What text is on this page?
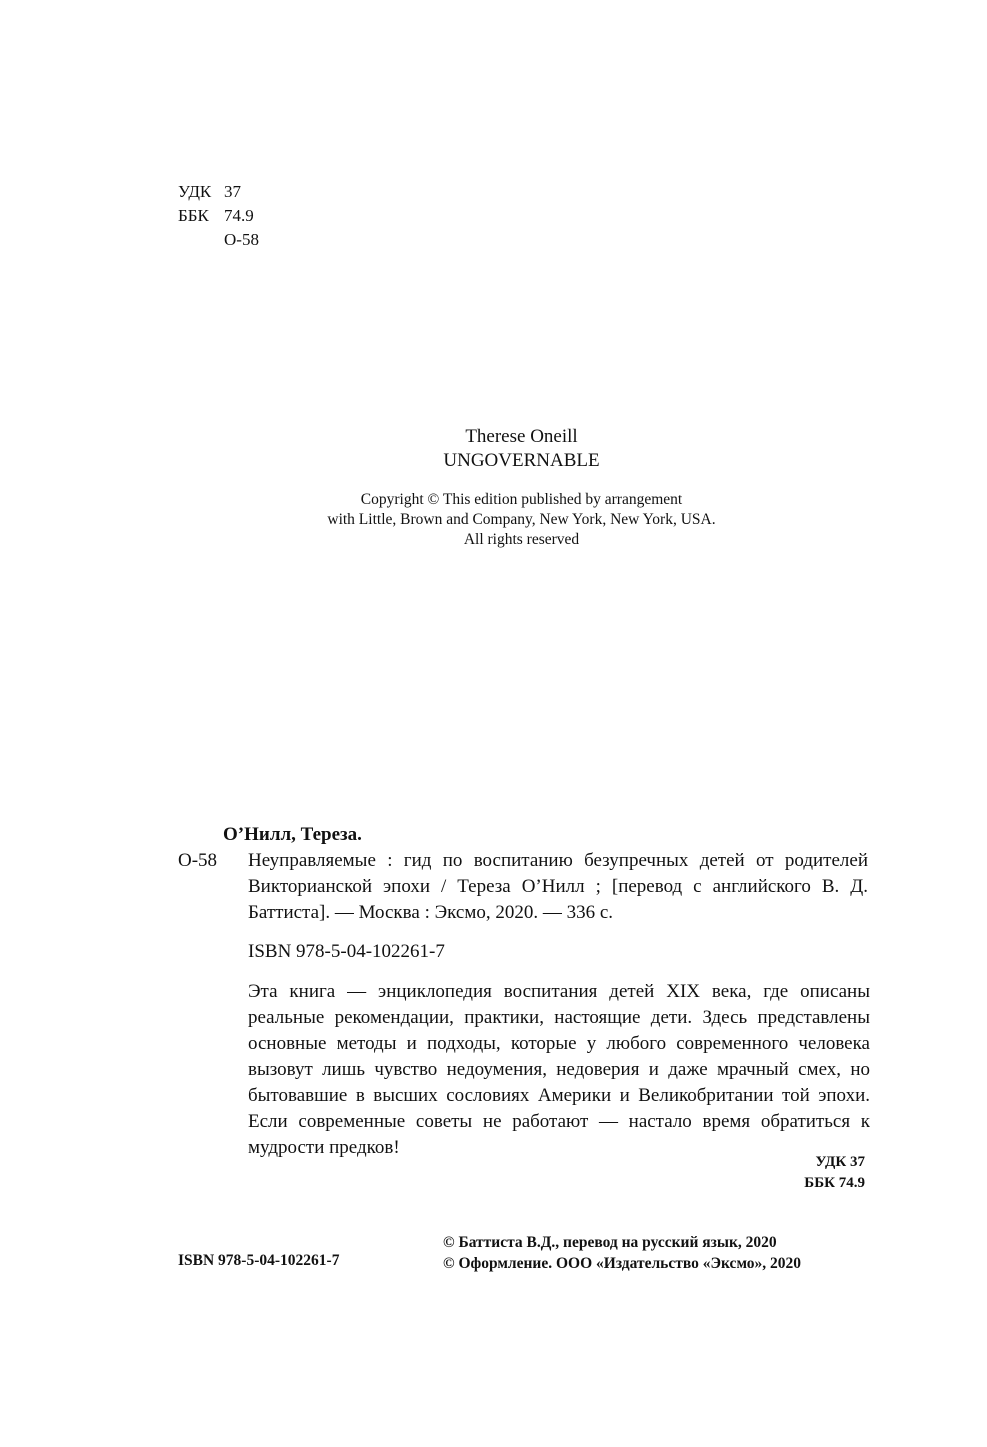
УДК 37
ББК 74.9
О-58
Therese Oneill
UNGOVERNABLE
Copyright © This edition published by arrangement
with Little, Brown and Company, New York, New York, USA.
All rights reserved
О’Нилл, Тереза.
О-58	Неуправляемые : гид по воспитанию безупречных детей от родителей Викторианской эпохи / Тереза О’Нилл ; [перевод с английского В. Д. Баттиста]. — Москва : Эксмо, 2020. — 336 с.
ISBN 978-5-04-102261-7
Эта книга — энциклопедия воспитания детей XIX века, где описаны реальные рекомендации, практики, настоящие дети. Здесь представлены основные методы и подходы, которые у любого современного человека вызовут лишь чувство недоумения, недоверия и даже мрачный смех, но бытовавшие в высших сословиях Америки и Великобритании той эпохи. Если современные советы не работают — настало время обратиться к мудрости предков!
УДК 37
ББК 74.9
ISBN 978-5-04-102261-7
© Баттиста В.Д., перевод на русский язык, 2020
© Оформление. ООО «Издательство «Эксмо», 2020
